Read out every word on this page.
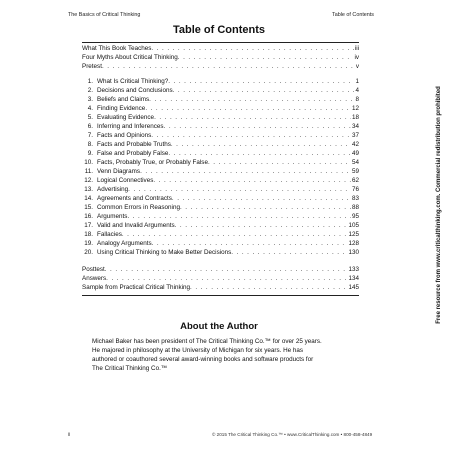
The Basics of Critical Thinking	Table of Contents
Table of Contents
What This Book Teaches . . .	iii
Four Myths About Critical Thinking . . .	iv
Pretest . . .	v
1. What Is Critical Thinking? . . .	1
2. Decisions and Conclusions . . .	4
3. Beliefs and Claims . . .	8
4. Finding Evidence . . .	12
5. Evaluating Evidence . . .	18
6. Inferring and Inferences . . .	34
7. Facts and Opinions . . .	37
8. Facts and Probable Truths . . .	42
9. False and Probably False . . .	49
10. Facts, Probably True, or Probably False . . .	54
11. Venn Diagrams . . .	59
12. Logical Connectives . . .	62
13. Advertising . . .	76
14. Agreements and Contracts . . .	83
15. Common Errors in Reasoning . . .	88
16. Arguments . . .	95
17. Valid and Invalid Arguments . . .	105
18. Fallacies . . .	125
19. Analogy Arguments . . .	128
20. Using Critical Thinking to Make Better Decisions . . .	130
Posttest . . .	133
Answers . . .	134
Sample from Practical Critical Thinking . . .	145
About the Author
Michael Baker has been president of The Critical Thinking Co.™ for over 25 years.
He majored in philosophy at the University of Michigan for six years. He has
authored or coauthored several award-winning books and software products for
The Critical Thinking Co.™
ii	© 2015 The Critical Thinking Co.™ • www.CriticalThinking.com • 800-458-4849
Free resource from www.criticalthinking.com. Commercial redistribution prohibited
